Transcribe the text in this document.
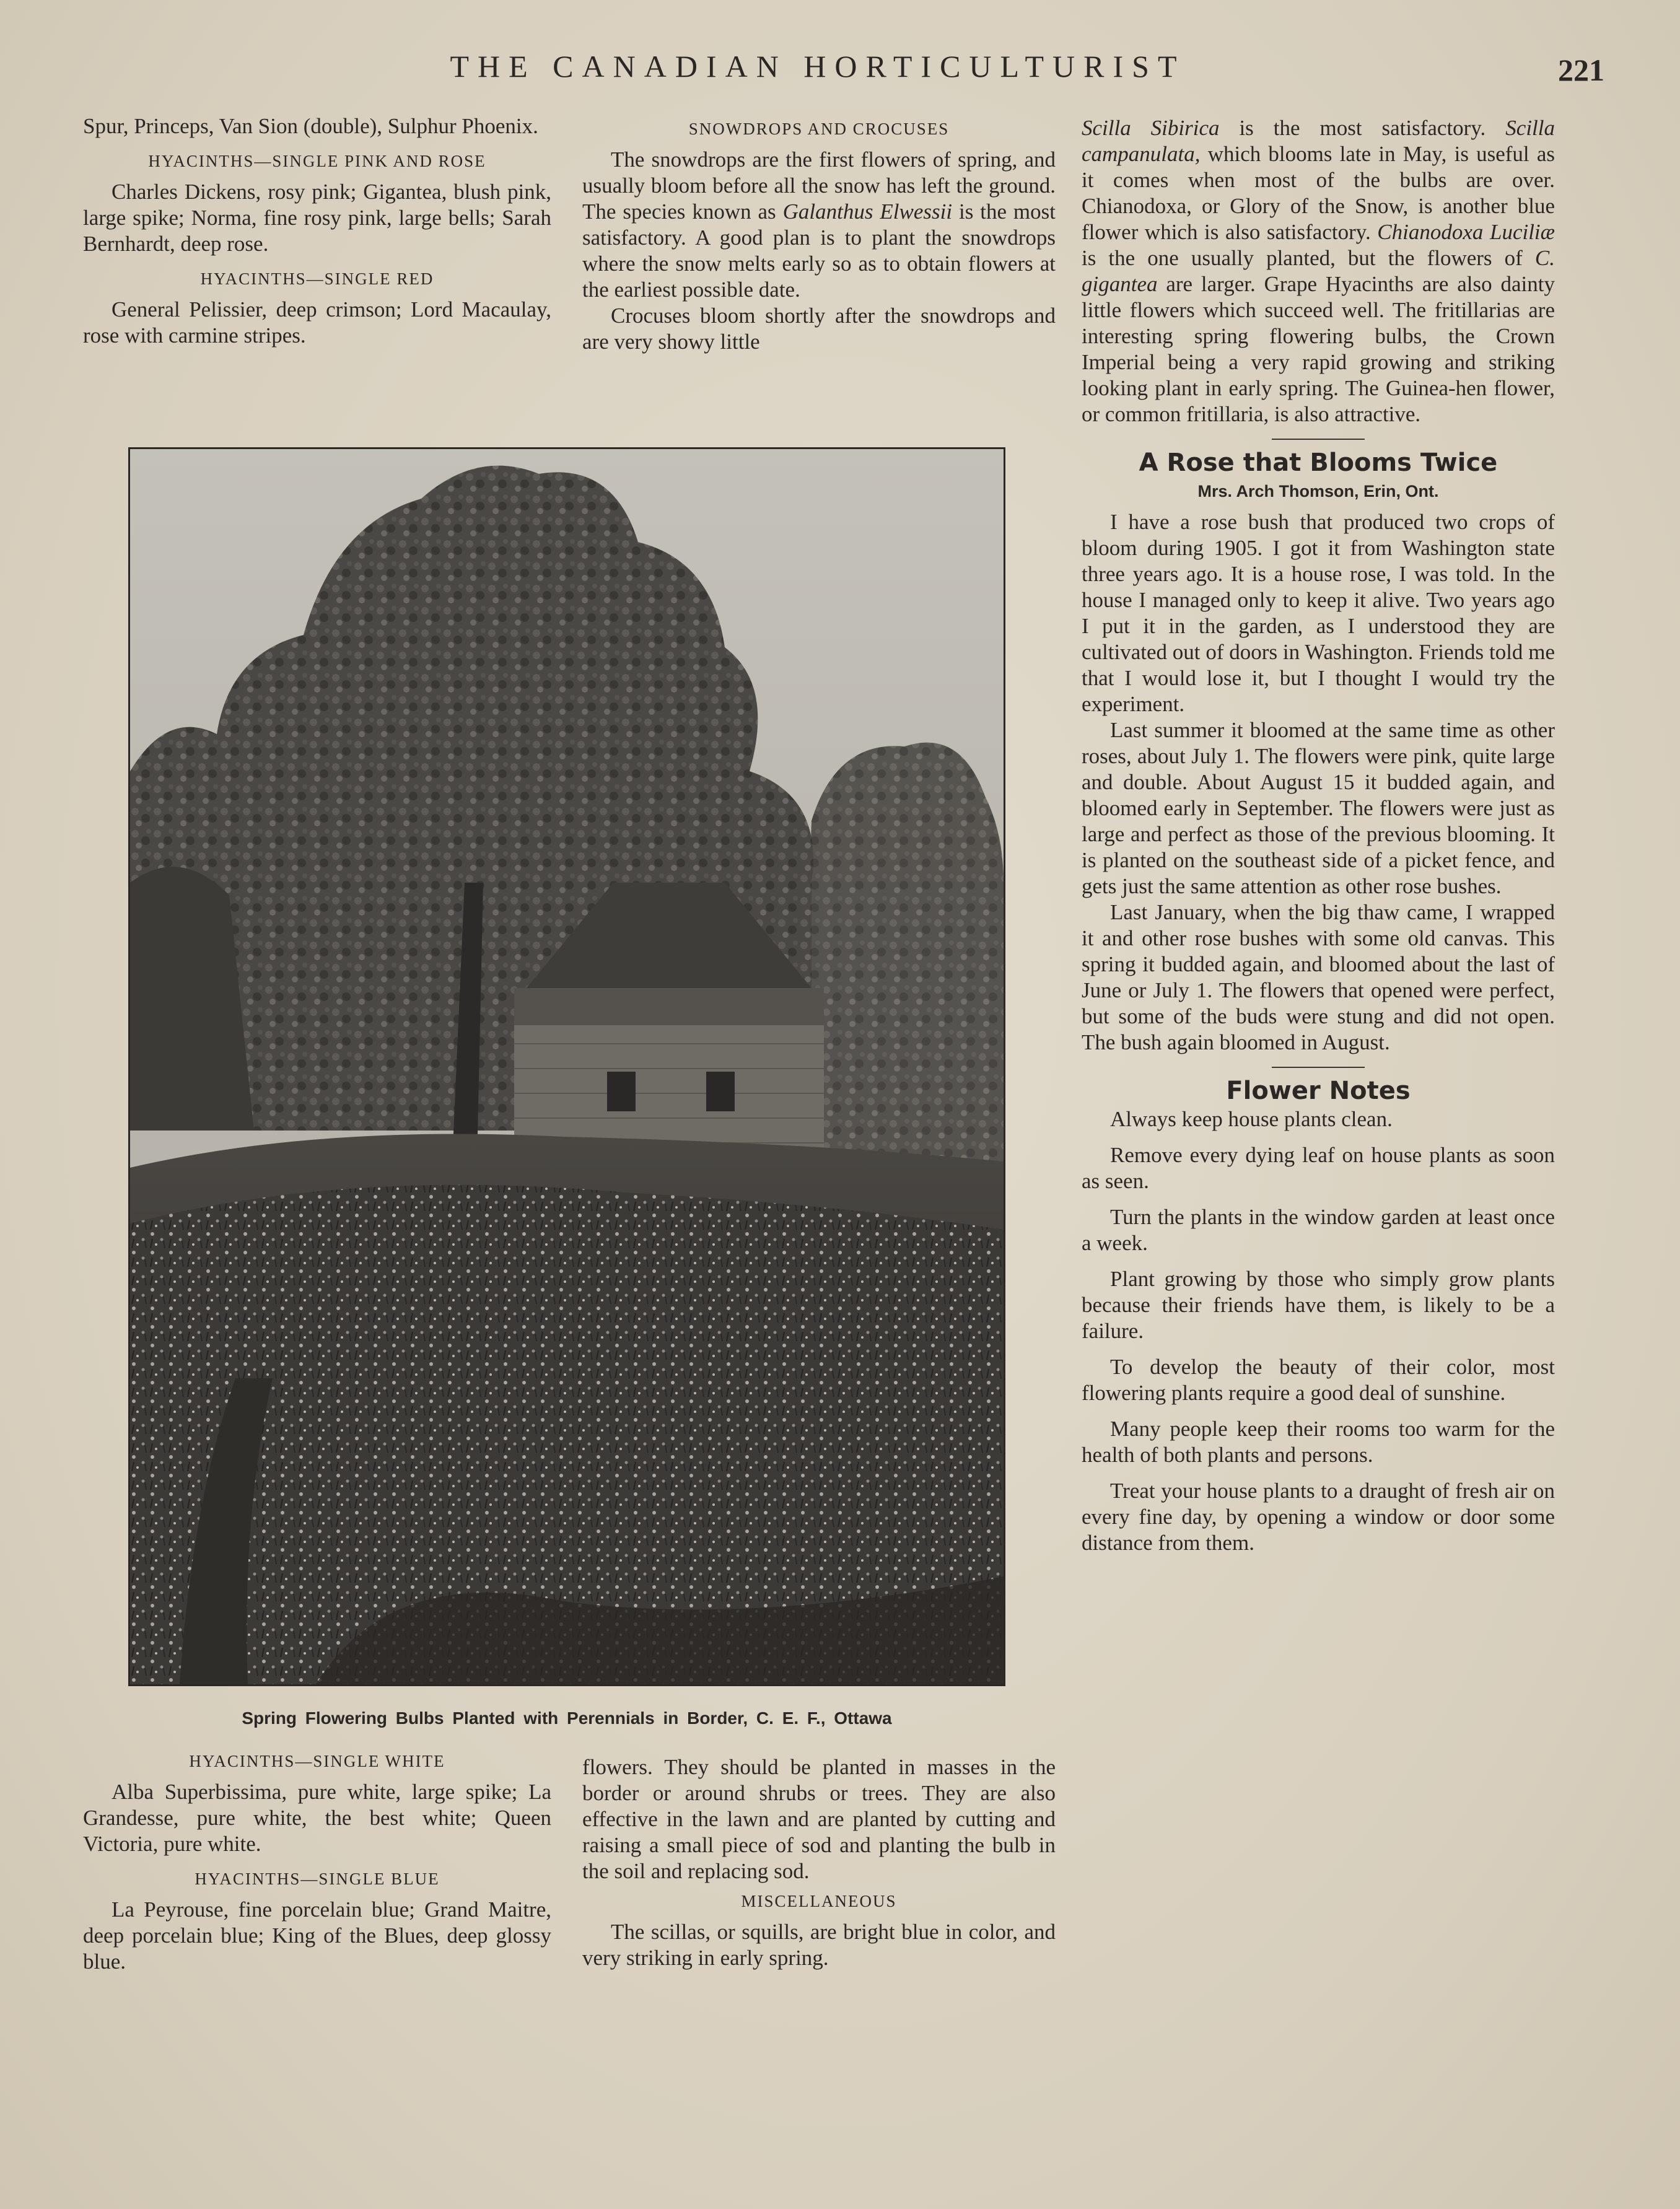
THE CANADIAN HORTICULTURIST	221

Spur, Princeps, Van Sion (double), Sulphur Phoenix.

HYACINTHS—SINGLE PINK AND ROSE

Charles Dickens, rosy pink; Gigantea, blush pink, large spike; Norma, fine rosy pink, large bells; Sarah Bernhardt, deep rose.

HYACINTHS—SINGLE RED

General Pelissier, deep crimson; Lord Macaulay, rose with carmine stripes.

SNOWDROPS AND CROCUSES

The snowdrops are the first flowers of spring, and usually bloom before all the snow has left the ground. The species known as Galanthus Elwessii is the most satisfactory. A good plan is to plant the snowdrops where the snow melts early so as to obtain flowers at the earliest possible date.

Crocuses bloom shortly after the snowdrops and are very showy little

Spring Flowering Bulbs Planted with Perennials in Border, C. E. F., Ottawa
HYACINTHS—SINGLE WHITE

Alba Superbissima, pure white, large spike; La Grandesse, pure white, the best white; Queen Victoria, pure white.

HYACINTHS—SINGLE BLUE

La Peyrouse, fine porcelain blue; Grand Maitre, deep porcelain blue; King of the Blues, deep glossy blue.

flowers. They should be planted in masses in the border or around shrubs or trees. They are also effective in the lawn and are planted by cutting and raising a small piece of sod and planting the bulb in the soil and replacing sod.

MISCELLANEOUS

The scillas, or squills, are bright blue in color, and very striking in early spring.

Scilla Sibirica is the most satisfactory. Scilla campanulata, which blooms late in May, is useful as it comes when most of the bulbs are over. Chianodoxa, or Glory of the Snow, is another blue flower which is also satisfactory. Chianodoxa Luciliæ is the one usually planted, but the flowers of C. gigantea are larger. Grape Hyacinths are also dainty little flowers which succeed well. The fritillarias are interesting spring flowering bulbs, the Crown Imperial being a very rapid growing and striking looking plant in early spring. The Guinea-hen flower, or common fritillaria, is also attractive.

A Rose that Blooms Twice
Mrs. Arch Thomson, Erin, Ont.

I have a rose bush that produced two crops of bloom during 1905. I got it from Washington state three years ago. It is a house rose, I was told. In the house I managed only to keep it alive. Two years ago I put it in the garden, as I understood they are cultivated out of doors in Washington. Friends told me that I would lose it, but I thought I would try the experiment.

Last summer it bloomed at the same time as other roses, about July 1. The flowers were pink, quite large and double. About August 15 it budded again, and bloomed early in September. The flowers were just as large and perfect as those of the previous blooming. It is planted on the southeast side of a picket fence, and gets just the same attention as other rose bushes.

Last January, when the big thaw came, I wrapped it and other rose bushes with some old canvas. This spring it budded again, and bloomed about the last of June or July 1. The flowers that opened were perfect, but some of the buds were stung and did not open. The bush again bloomed in August.

Flower Notes

Always keep house plants clean.

Remove every dying leaf on house plants as soon as seen.

Turn the plants in the window garden at least once a week.

Plant growing by those who simply grow plants because their friends have them, is likely to be a failure.

To develop the beauty of their color, most flowering plants require a good deal of sunshine.

Many people keep their rooms too warm for the health of both plants and persons.

Treat your house plants to a draught of fresh air on every fine day, by opening a window or door some distance from them.
